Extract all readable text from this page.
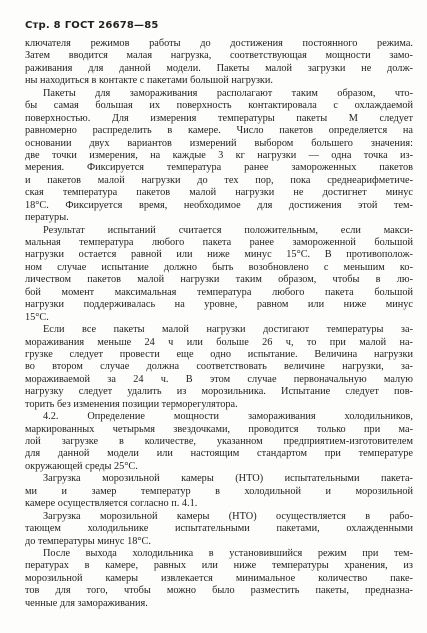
Стр. 8 ГОСТ 26678—85
ключателя режимов работы до достижения постоянного режима.
Затем вводится малая нагрузка, соответствующая мощности замо-
раживания для данной модели. Пакеты малой загрузки не долж-
ны находиться в контакте с пакетами большой нагрузки.
Пакеты для замораживания располагают таким образом, что-
бы самая большая их поверхность контактировала с охлаждаемой
поверхностью. Для измерения температуры пакеты M следует
равномерно распределить в камере. Число пакетов определяется на
основании двух вариантов измерений выбором большего значения:
две точки измерения, на каждые 3 кг нагрузки — одна точка из-
мерения. Фиксируется температура ранее замороженных пакетов
и пакетов малой нагрузки до тех пор, пока среднеарифметиче-
ская температура пакетов малой нагрузки не достигнет минус
18°С. Фиксируется время, необходимое для достижения этой тем-
пературы.
Результат испытаний считается положительным, если макси-
мальная температура любого пакета ранее замороженной большой
нагрузки остается равной или ниже минус 15°С. В противополож-
ном случае испытание должно быть возобновлено с меньшим ко-
личеством пакетов малой нагрузки таким образом, чтобы в лю-
бой момент максимальная температура любого пакета большой
нагрузки поддерживалась на уровне, равном или ниже минус
15°С.
Если все пакеты малой нагрузки достигают температуры за-
мораживания меньше 24 ч или больше 26 ч, то при малой на-
грузке следует провести еще одно испытание. Величина нагрузки
во втором случае должна соответствовать величине нагрузки, за-
мораживаемой за 24 ч. В этом случае первоначальную малую
нагрузку следует удалить из морозильника. Испытание следует пов-
торить без изменения позиции терморегулятора.
4.2. Определение мощности замораживания холодильников,
маркированных четырьмя звездочками, проводится только при ма-
лой загрузке в количестве, указанном предприятием-изготовителем
для данной модели или настоящим стандартом при температуре
окружающей среды 25°С.
Загрузка морозильной камеры (НТО) испытательными пакета-
ми и замер температур в холодильной и морозильной
камере осуществляется согласно п. 4.1.
Загрузка морозильной камеры (НТО) осуществляется в рабо-
тающем холодильнике испытательными пакетами, охлажденными
до температуры минус 18°С.
После выхода холодильника в установившийся режим при тем-
пературах в камере, равных или ниже температуры хранения, из
морозильной камеры извлекается минимальное количество паке-
тов для того, чтобы можно было разместить пакеты, предназна-
ченные для замораживания.
